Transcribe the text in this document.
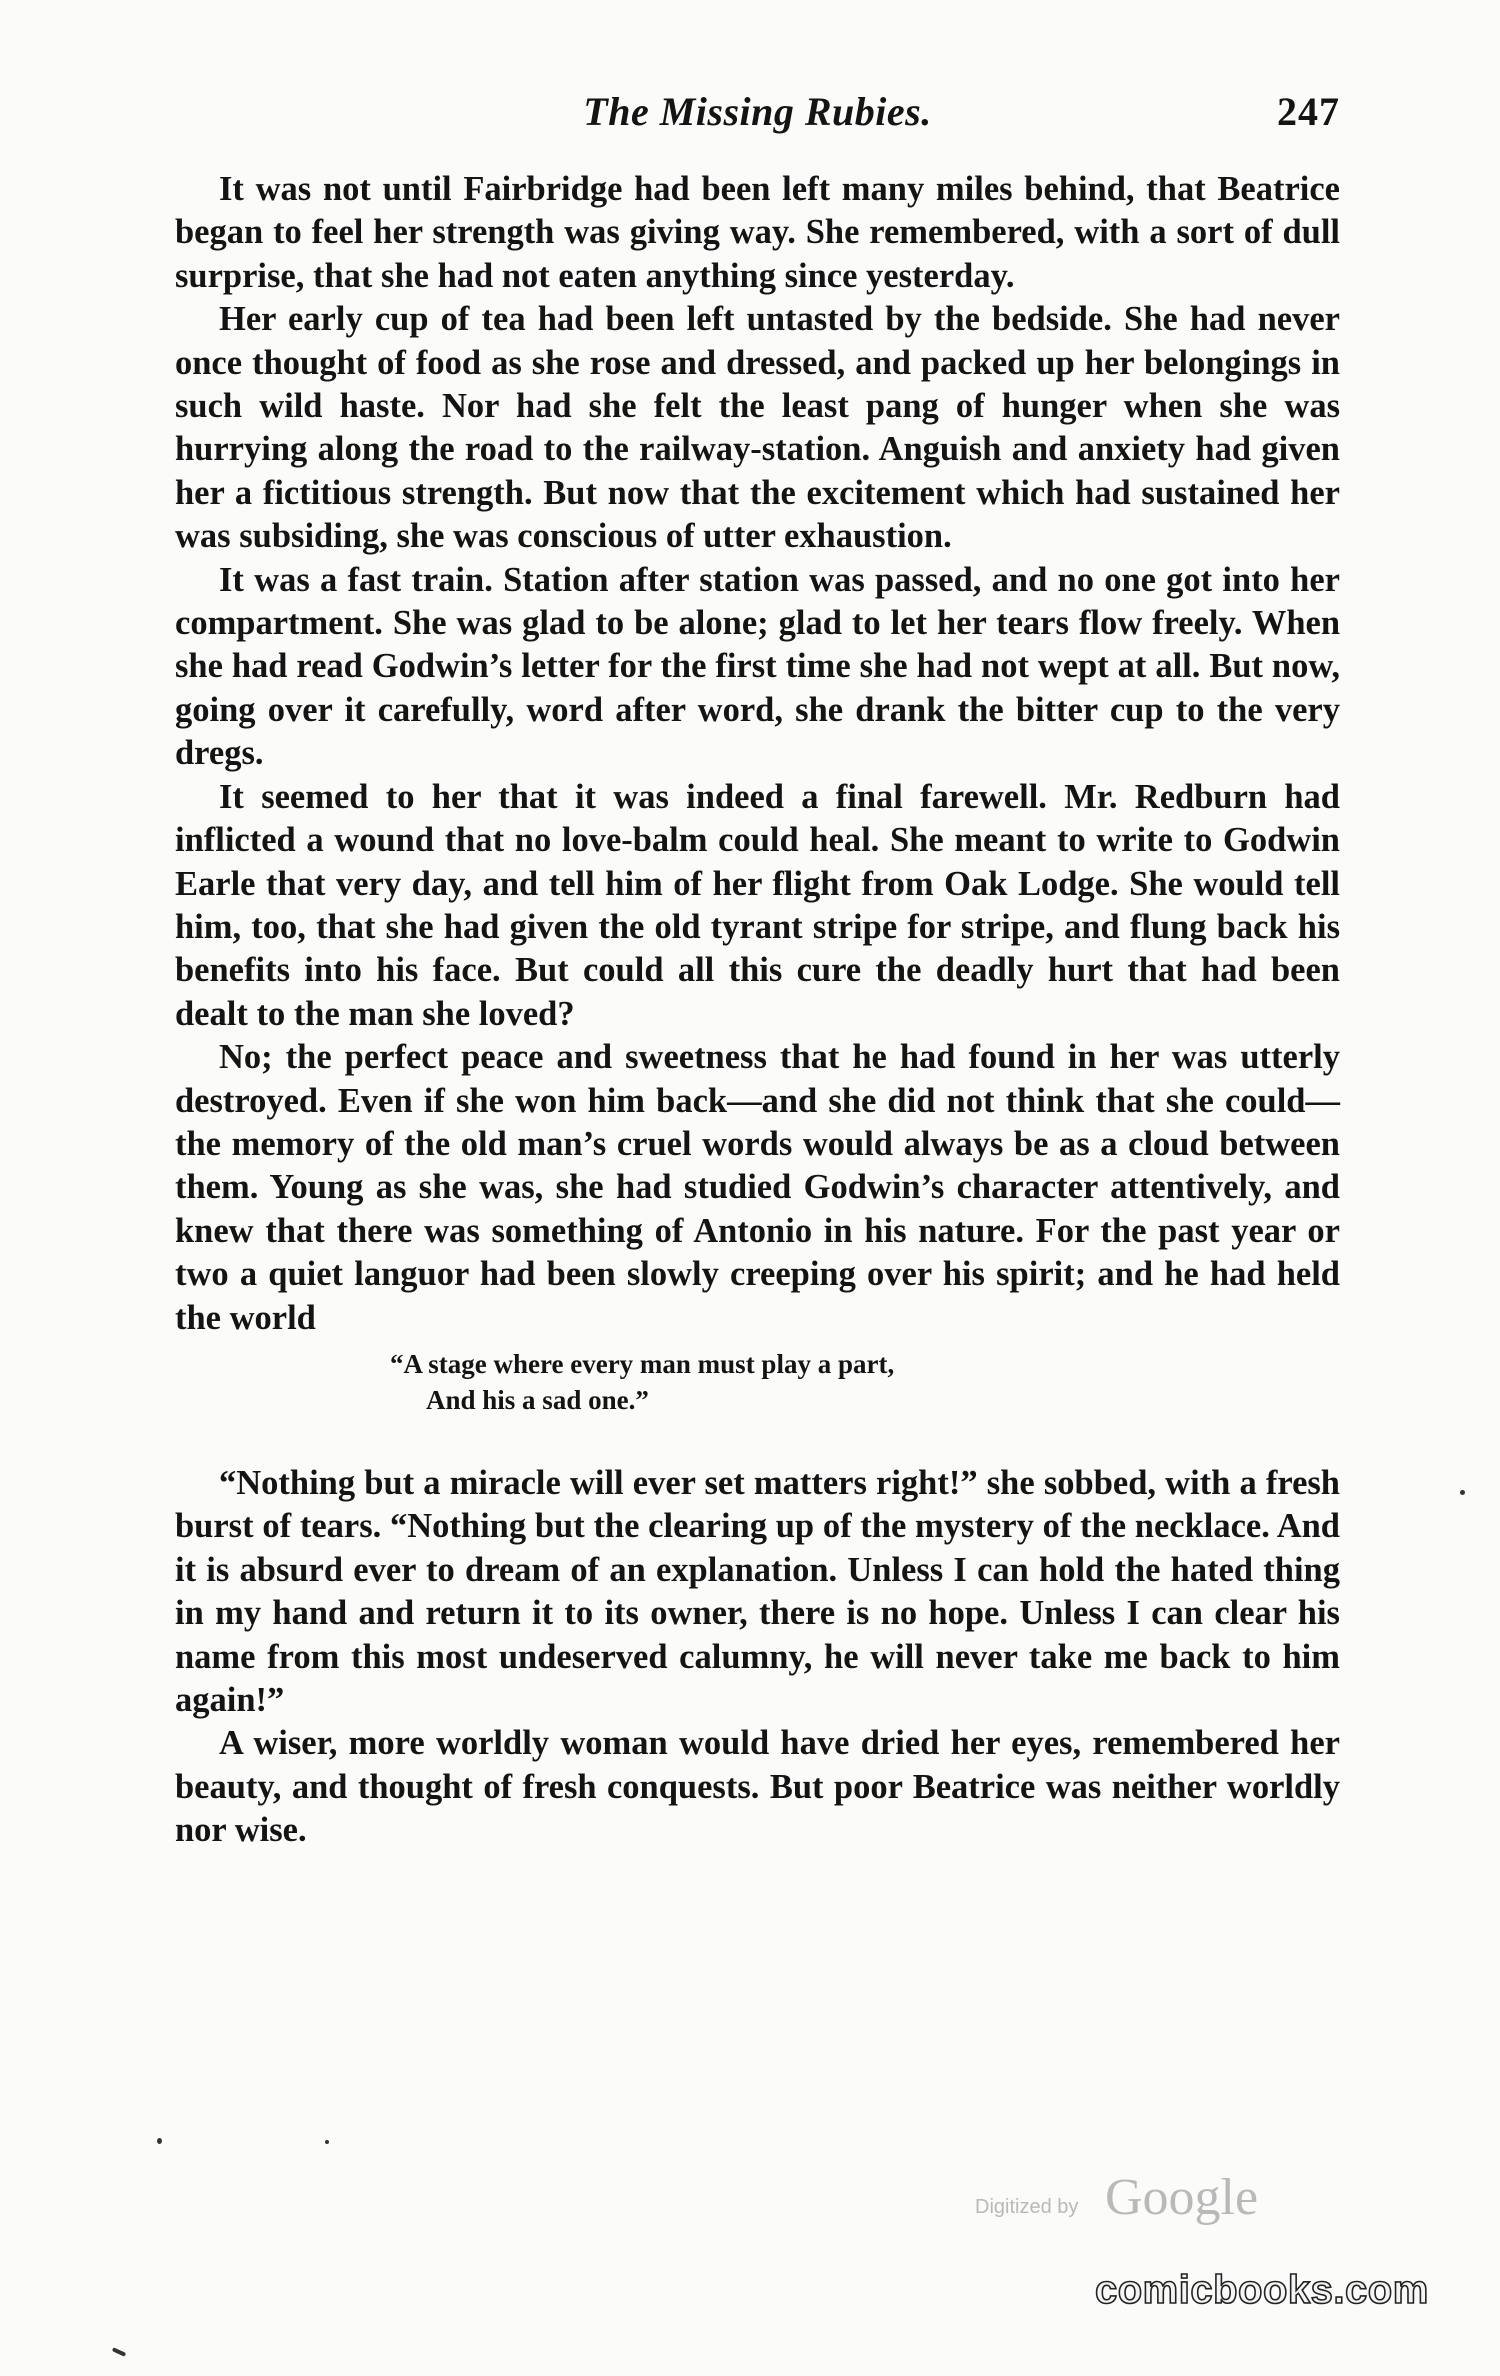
The Missing Rubies.	247

It was not until Fairbridge had been left many miles behind, that Beatrice began to feel her strength was giving way. She remembered, with a sort of dull surprise, that she had not eaten anything since yesterday.

Her early cup of tea had been left untasted by the bedside. She had never once thought of food as she rose and dressed, and packed up her belongings in such wild haste. Nor had she felt the least pang of hunger when she was hurrying along the road to the railway-station. Anguish and anxiety had given her a fictitious strength. But now that the excitement which had sustained her was subsiding, she was conscious of utter exhaustion.

It was a fast train. Station after station was passed, and no one got into her compartment. She was glad to be alone; glad to let her tears flow freely. When she had read Godwin’s letter for the first time she had not wept at all. But now, going over it carefully, word after word, she drank the bitter cup to the very dregs.

It seemed to her that it was indeed a final farewell. Mr. Redburn had inflicted a wound that no love-balm could heal. She meant to write to Godwin Earle that very day, and tell him of her flight from Oak Lodge. She would tell him, too, that she had given the old tyrant stripe for stripe, and flung back his benefits into his face. But could all this cure the deadly hurt that had been dealt to the man she loved?

No; the perfect peace and sweetness that he had found in her was utterly destroyed. Even if she won him back—and she did not think that she could—the memory of the old man’s cruel words would always be as a cloud between them. Young as she was, she had studied Godwin’s character attentively, and knew that there was something of Antonio in his nature. For the past year or two a quiet languor had been slowly creeping over his spirit; and he had held the world

“A stage where every man must play a part,
And his a sad one.”

“Nothing but a miracle will ever set matters right!” she sobbed, with a fresh burst of tears. “Nothing but the clearing up of the mystery of the necklace. And it is absurd ever to dream of an explanation. Unless I can hold the hated thing in my hand and return it to its owner, there is no hope. Unless I can clear his name from this most undeserved calumny, he will never take me back to him again!”

A wiser, more worldly woman would have dried her eyes, remembered her beauty, and thought of fresh conquests. But poor Beatrice was neither worldly nor wise.

Digitized by Google
comicbooks.com
